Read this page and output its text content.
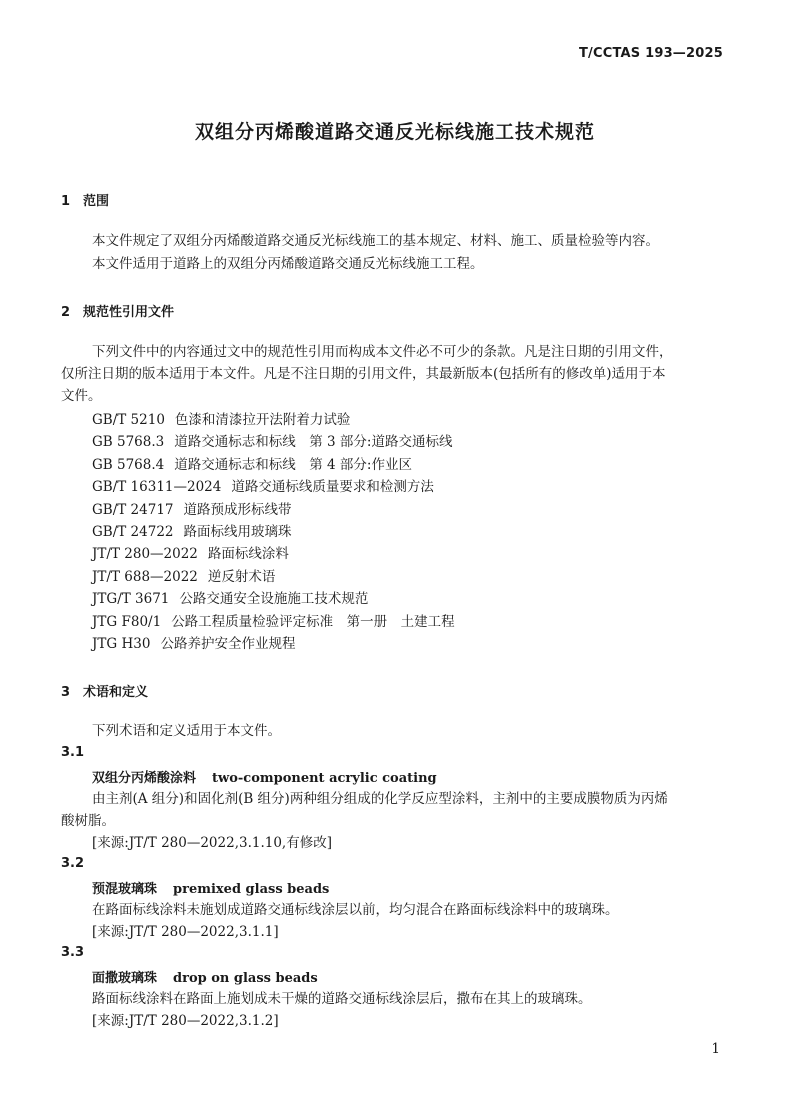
T/CCTAS 193—2025
双组分丙烯酸道路交通反光标线施工技术规范
1 范围
本文件规定了双组分丙烯酸道路交通反光标线施工的基本规定、材料、施工、质量检验等内容。
本文件适用于道路上的双组分丙烯酸道路交通反光标线施工工程。
2 规范性引用文件
下列文件中的内容通过文中的规范性引用而构成本文件必不可少的条款。凡是注日期的引用文件，
仅所注日期的版本适用于本文件。凡是不注日期的引用文件，其最新版本(包括所有的修改单)适用于本
文件。
GB/T 5210 色漆和清漆拉开法附着力试验
GB 5768.3 道路交通标志和标线　第 3 部分:道路交通标线
GB 5768.4 道路交通标志和标线　第 4 部分:作业区
GB/T 16311—2024 道路交通标线质量要求和检测方法
GB/T 24717 道路预成形标线带
GB/T 24722 路面标线用玻璃珠
JT/T 280—2022 路面标线涂料
JT/T 688—2022 逆反射术语
JTG/T 3671 公路交通安全设施施工技术规范
JTG F80/1 公路工程质量检验评定标准　第一册　土建工程
JTG H30 公路养护安全作业规程
3 术语和定义
下列术语和定义适用于本文件。
3.1
双组分丙烯酸涂料 two-component acrylic coating
由主剂(A 组分)和固化剂(B 组分)两种组分组成的化学反应型涂料，主剂中的主要成膜物质为丙烯
酸树脂。
[来源:JT/T 280—2022,3.1.10,有修改]
3.2
预混玻璃珠 premixed glass beads
在路面标线涂料未施划成道路交通标线涂层以前，均匀混合在路面标线涂料中的玻璃珠。
[来源:JT/T 280—2022,3.1.1]
3.3
面撒玻璃珠 drop on glass beads
路面标线涂料在路面上施划成未干燥的道路交通标线涂层后，撒布在其上的玻璃珠。
[来源:JT/T 280—2022,3.1.2]
1
